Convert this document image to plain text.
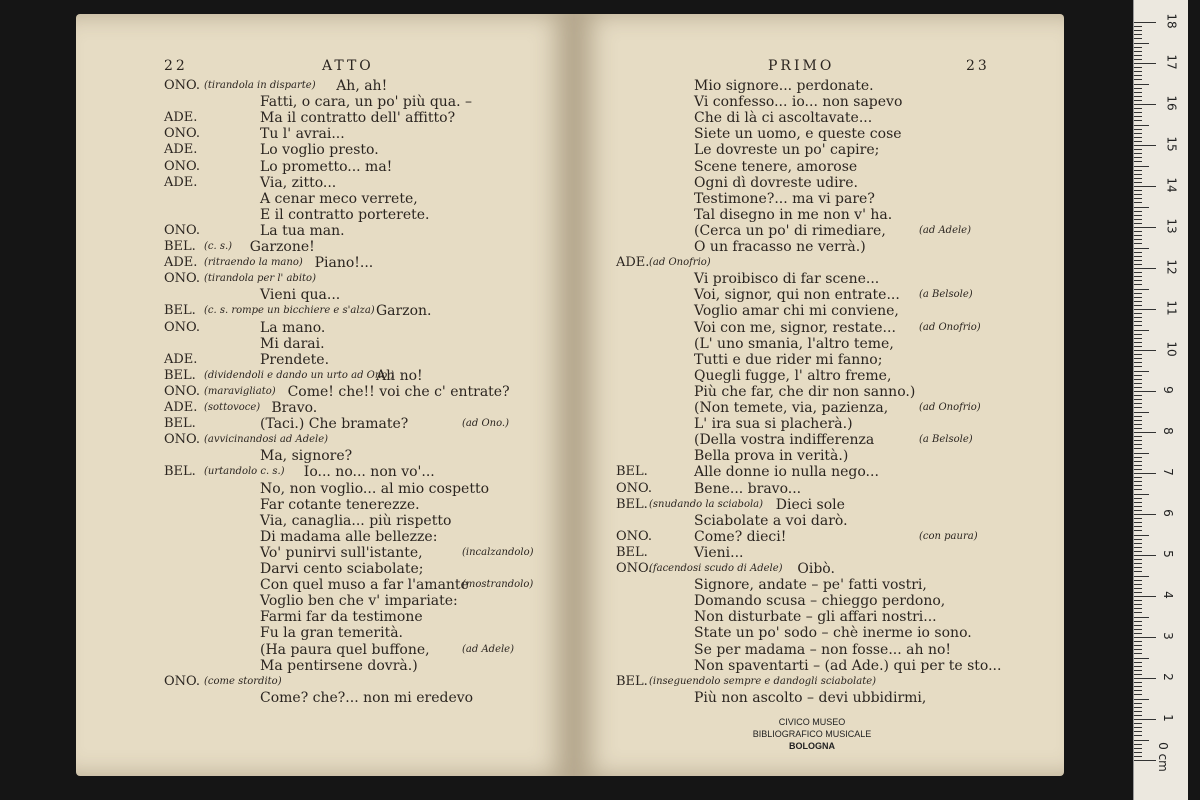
22	ATTO
ONO. (tirandola in disparte) Ah, ah!
Fatti, o cara, un po' più qua. –
ADE.	Ma il contratto dell' affitto?
ONO.	Tu l' avrai...
ADE.	Lo voglio presto.
ONO.	Lo prometto... ma!
ADE.	Via, zitto...
A cenar meco verrete,
E il contratto porterete.
ONO.	La tua man.
BEL. (c. s.) Garzone!
ADE. (ritraendo la mano) Piano!...
ONO. (tirandola per l' abito)
Vieni qua...
BEL. (c. s. rompe un bicchiere e s'alza) Garzon.
ONO.	La mano.
Mi darai.
ADE.	Prendete.
BEL. (dividendoli e dando un urto ad Ono.)
Ah no!
ONO. (maravigliato) Come! che!! voi che c' entrate?
ADE. (sottovoce) Bravo.
BEL.	(Taci.) Che bramate?	(ad Ono.)
ONO. (avvicinandosi ad Adele)
Ma, signore?
BEL. (urtandolo c. s.) Io... no... non vo'...
No, non voglio... al mio cospetto
Far cotante tenerezze.
Via, canaglia... più rispetto
Di madama alle bellezze:
Vo' punirvi sull'istante,	(incalzandolo)
Darvi cento sciabolate;
Con quel muso a far l'amante
(mostrandolo)
Voglio ben che v' impariate:
Farmi far da testimone
Fu la gran temerità.
(Ha paura quel buffone,	(ad Adele)
Ma pentirsene dovrà.)
ONO. (come stordito)
Come? che?... non mi eredevo
PRIMO	23
CIVICO MUSEO
BIBLIOGRAFICO MUSICALE
BOLOGNA
Mio signore... perdonate.
Vi confesso... io... non sapevo
Che di là ci ascoltavate...
Siete un uomo, e queste cose
Le dovreste un po' capire;
Scene tenere, amorose
Ogni dì dovreste udire.
Testimone?... ma vi pare?
Tal disegno in me non v' ha.
(Cerca un po' di rimediare,	(ad Adele)
O un fracasso ne verrà.)
ADE. (ad Onofrio)
Vi proibisco di far scene...
Voi, signor, qui non entrate... (a Belsole)
Voglio amar chi mi conviene,
Voi con me, signor, restate... (ad Onofrio)
(L' uno smania, l'altro teme,
Tutti e due rider mi fanno;
Quegli fugge, l' altro freme,
Più che far, che dir non sanno.)
(Non temete, via, pazienza,	(ad Onofrio)
L' ira sua si placherà.)
(Della vostra indifferenza	(a Belsole)
Bella prova in verità.)
BEL.	Alle donne io nulla nego...
ONO.	Bene... bravo...
BEL. (snudando la sciabola) Dieci sole
Sciabolate a voi darò.
ONO.	Come? dieci!	(con paura)
BEL.	Vieni...
ONO.
(facendosi scudo di Adele) Oibò.
Signore, andate – pe' fatti vostri,
Domando scusa – chieggo perdono,
Non disturbate – gli affari nostri...
State un po' sodo – chè inerme io sono.
Se per madama – non fosse... ah no!
Non spaventarti – (ad Ade.) qui per te sto...
BEL. (inseguendolo sempre e dandogli sciabolate)
Più non ascolto – devi ubbidirmi,
0 cm
1
2
3
4
5
6
7
8
9
10
11
12
13
14
15
16
17
18
